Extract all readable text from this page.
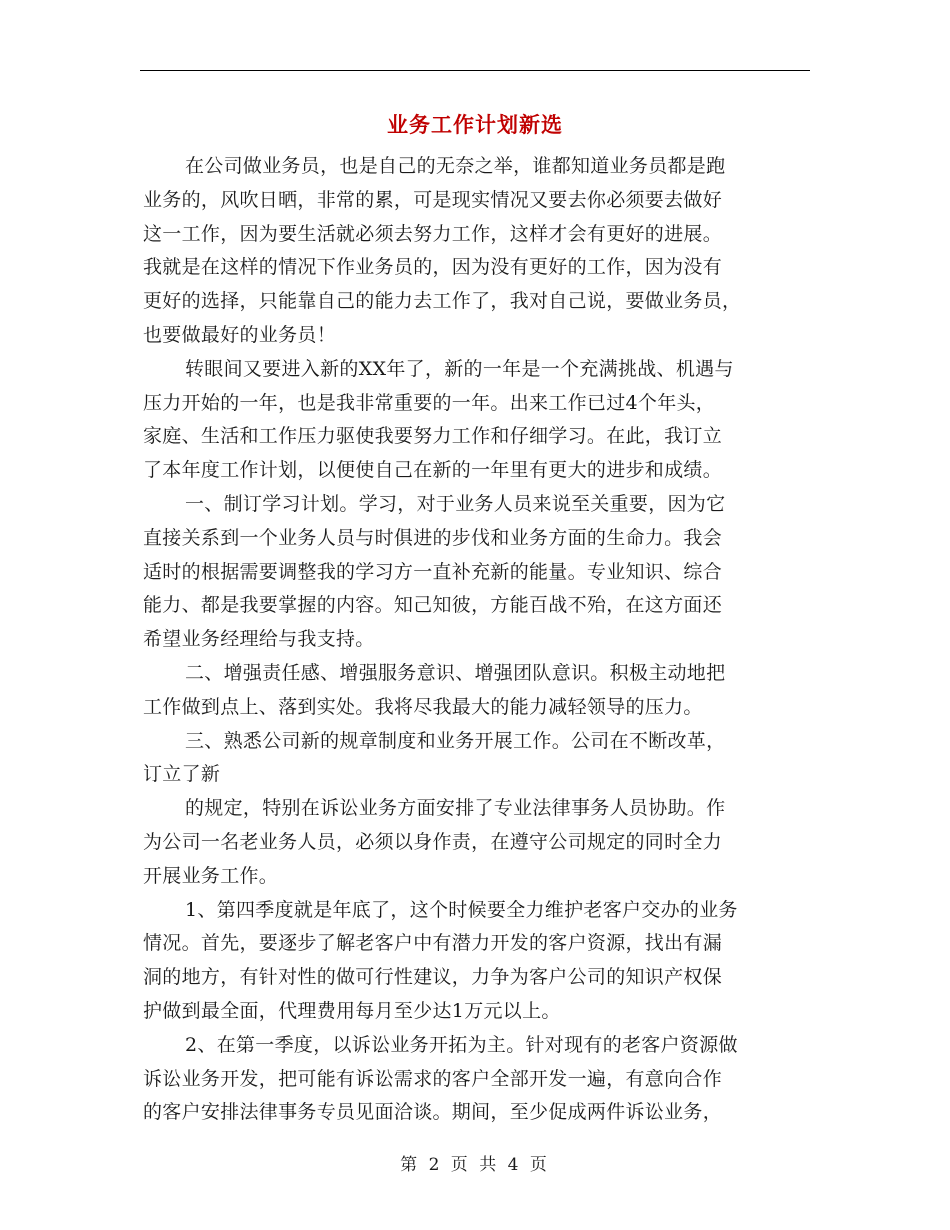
业务工作计划新选
在公司做业务员，也是自己的无奈之举，谁都知道业务员都是跑
业务的，风吹日晒，非常的累，可是现实情况又要去你必须要去做好
这一工作，因为要生活就必须去努力工作，这样才会有更好的进展。
我就是在这样的情况下作业务员的，因为没有更好的工作，因为没有
更好的选择，只能靠自己的能力去工作了，我对自己说，要做业务员，
也要做最好的业务员！
转眼间又要进入新的XX年了，新的一年是一个充满挑战、机遇与
压力开始的一年，也是我非常重要的一年。出来工作已过4个年头，
家庭、生活和工作压力驱使我要努力工作和仔细学习。在此，我订立
了本年度工作计划，以便使自己在新的一年里有更大的进步和成绩。
一、制订学习计划。学习，对于业务人员来说至关重要，因为它
直接关系到一个业务人员与时俱进的步伐和业务方面的生命力。我会
适时的根据需要调整我的学习方一直补充新的能量。专业知识、综合
能力、都是我要掌握的内容。知己知彼，方能百战不殆，在这方面还
希望业务经理给与我支持。
二、增强责任感、增强服务意识、增强团队意识。积极主动地把
工作做到点上、落到实处。我将尽我最大的能力减轻领导的压力。
三、熟悉公司新的规章制度和业务开展工作。公司在不断改革，
订立了新
的规定，特别在诉讼业务方面安排了专业法律事务人员协助。作
为公司一名老业务人员，必须以身作责，在遵守公司规定的同时全力
开展业务工作。
1、第四季度就是年底了，这个时候要全力维护老客户交办的业务
情况。首先，要逐步了解老客户中有潜力开发的客户资源，找出有漏
洞的地方，有针对性的做可行性建议，力争为客户公司的知识产权保
护做到最全面，代理费用每月至少达1万元以上。
2、在第一季度，以诉讼业务开拓为主。针对现有的老客户资源做
诉讼业务开发，把可能有诉讼需求的客户全部开发一遍，有意向合作
的客户安排法律事务专员见面洽谈。期间，至少促成两件诉讼业务，
第 2 页 共 4 页
